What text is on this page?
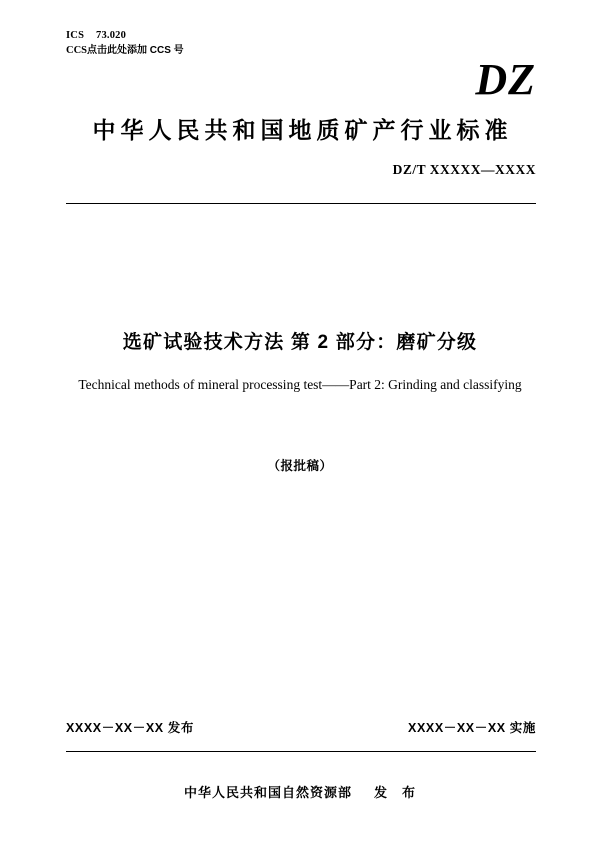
ICS 73.020
CCS点击此处添加 CCS 号
DZ
中华人民共和国地质矿产行业标准
DZ/T XXXXX—XXXX
选矿试验技术方法 第 2 部分：磨矿分级
Technical methods of mineral processing test——Part 2: Grinding and classifying
（报批稿）
XXXX－XX－XX 发布	XXXX－XX－XX 实施
中华人民共和国自然资源部 发　布
